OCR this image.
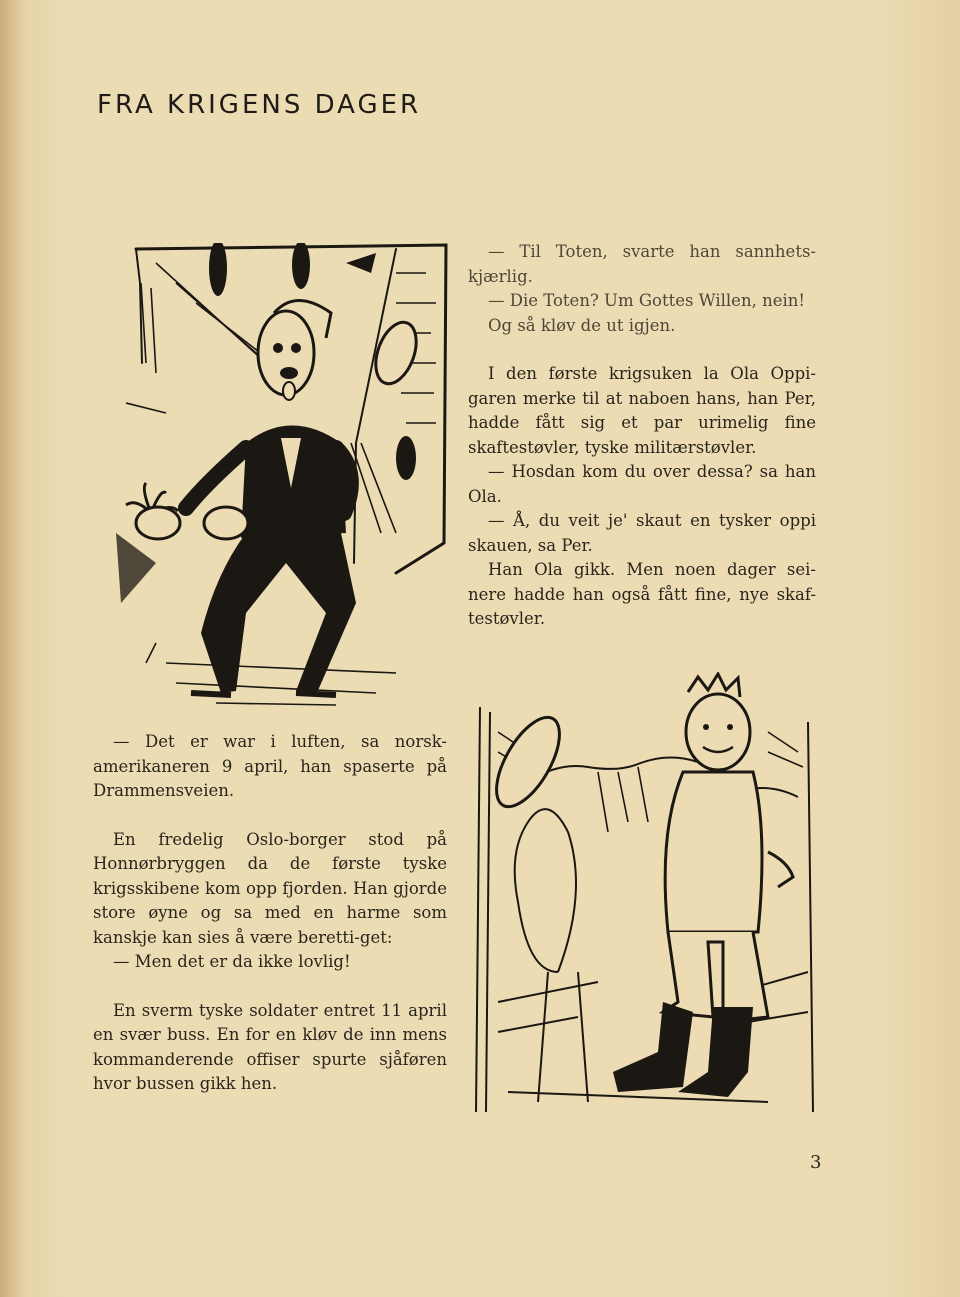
FRA KRIGENS DAGER

— Til Toten, svarte han sannhets-kjærlig.

— Die Toten? Um Gottes Willen, nein!

Og så kløv de ut igjen.

I den første krigsuken la Ola Oppi-garen merke til at naboen hans, han Per, hadde fått sig et par urimelig fine skaftestøvler, tyske militærstøvler.

— Hosdan kom du over dessa? sa han Ola.

— Å, du veit je' skaut en tysker oppi skauen, sa Per.

Han Ola gikk. Men noen dager sei-nere hadde han også fått fine, nye skaf-testøvler.

— Det er war i luften, sa norsk-amerikaneren 9 april, han spaserte på Drammensveien.

En fredelig Oslo-borger stod på Honnørbryggen da de første tyske krigsskibene kom opp fjorden. Han gjorde store øyne og sa med en harme som kanskje kan sies å være beretti-get:

— Men det er da ikke lovlig!

En sverm tyske soldater entret 11 april en svær buss. En for en kløv de inn mens kommanderende offiser spurte sjåføren hvor bussen gikk hen.

3
